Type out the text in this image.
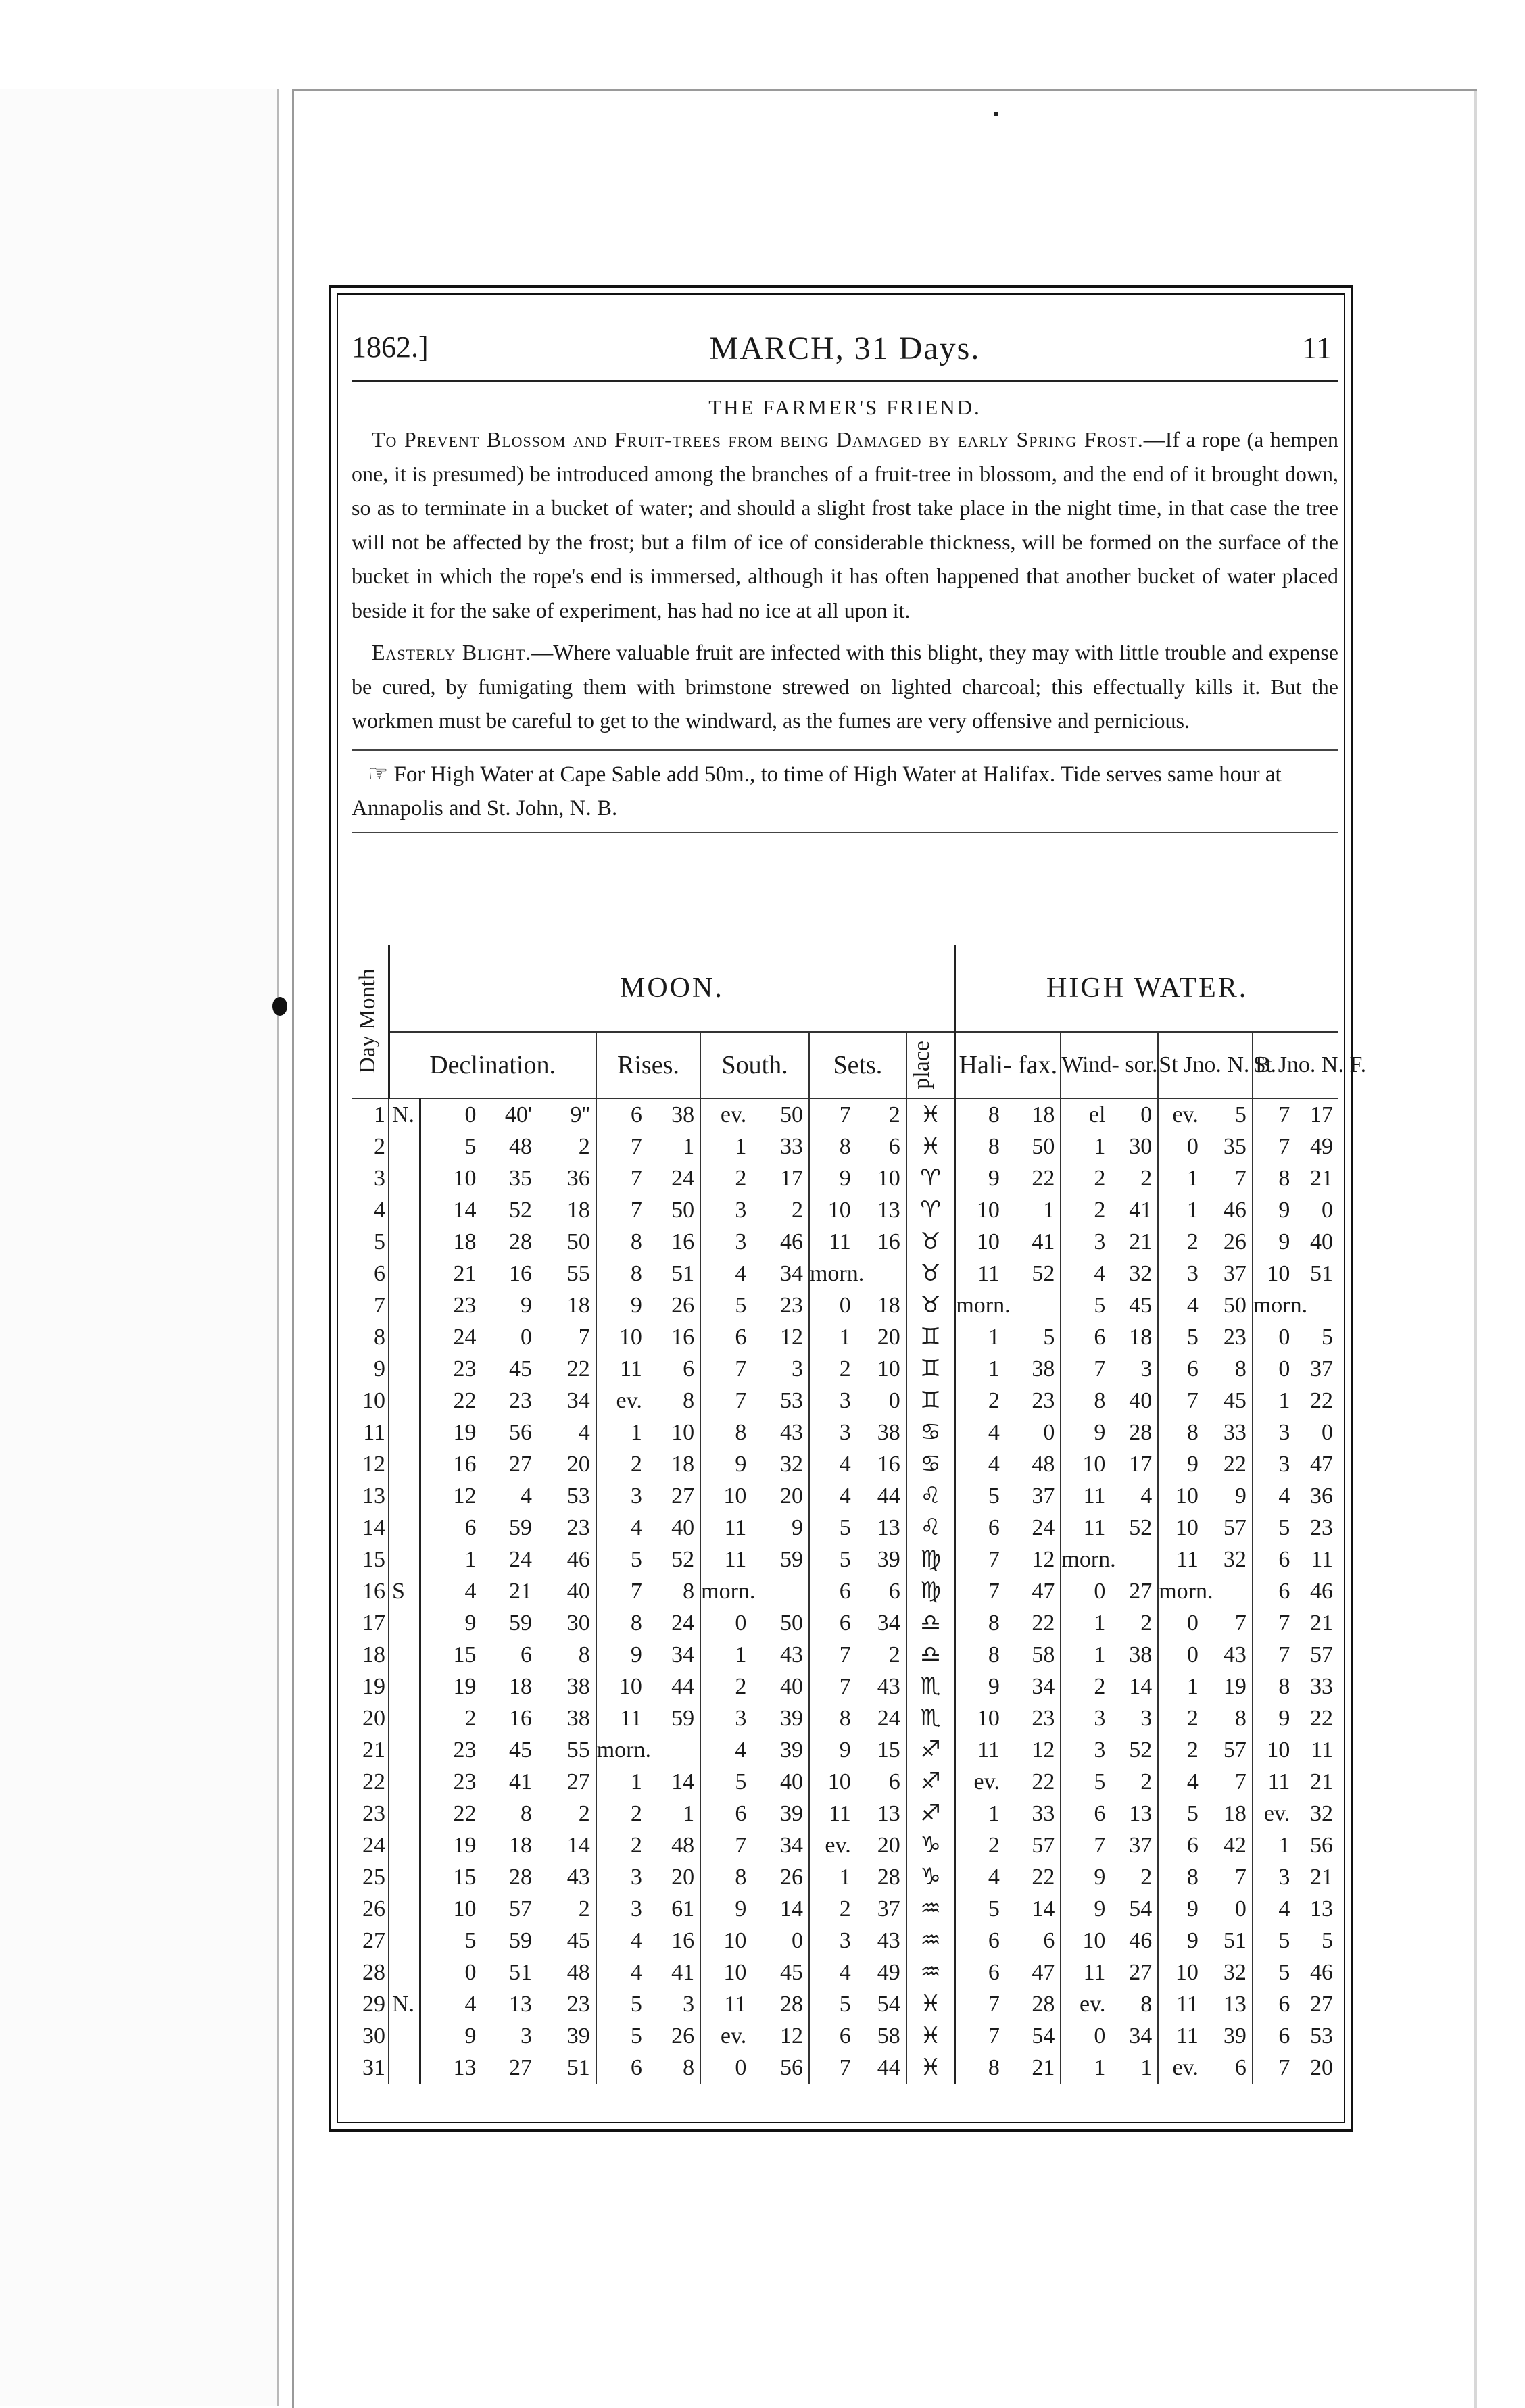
1862.]	MARCH, 31 Days.	11
THE FARMER'S FRIEND.

To Prevent Blossom and Fruit-trees from being Damaged by early Spring Frost.—If a rope (a hempen one, it is presumed) be introduced among the branches of a fruit-tree in blossom, and the end of it brought down, so as to terminate in a bucket of water; and should a slight frost take place in the night time, in that case the tree will not be affected by the frost; but a film of ice of considerable thickness, will be formed on the surface of the bucket in which the rope's end is immersed, although it has often happened that another bucket of water placed beside it for the sake of experiment, has had no ice at all upon it.

Easterly Blight.—Where valuable fruit are infected with this blight, they may with little trouble and expense be cured, by fumigating them with brimstone strewed on lighted charcoal; this effectually kills it. But the workmen must be careful to get to the windward, as the fumes are very offensive and pernicious.

☞ For High Water at Cape Sable add 50m., to time of High Water at Halifax. Tide serves same hour at Annapolis and St. John, N. B.

Day Month	MOON.											HIGH WATER.							
	Declination.				Rises.		South.		Sets.		place	Hali- fax.		Wind- sor.		St Jno. N. B.		St Jno. N. F.	
1	N.	0	40'	9''	6	38	ev.	50	7	2	♓	8	18	el	0	ev.	5	7	17
2		5	48	2	7	1	1	33	8	6	♓	8	50	1	30	0	35	7	49
3		10	35	36	7	24	2	17	9	10	♈	9	22	2	2	1	7	8	21
4		14	52	18	7	50	3	2	10	13	♈	10	1	2	41	1	46	9	0
5		18	28	50	8	16	3	46	11	16	♉	10	41	3	21	2	26	9	40
6		21	16	55	8	51	4	34	morn.		♉	11	52	4	32	3	37	10	51
7		23	9	18	9	26	5	23	0	18	♉	morn.		5	45	4	50	morn.	
8		24	0	7	10	16	6	12	1	20	♊	1	5	6	18	5	23	0	5
9		23	45	22	11	6	7	3	2	10	♊	1	38	7	3	6	8	0	37
10		22	23	34	ev.	8	7	53	3	0	♊	2	23	8	40	7	45	1	22
11		19	56	4	1	10	8	43	3	38	♋	4	0	9	28	8	33	3	0
12		16	27	20	2	18	9	32	4	16	♋	4	48	10	17	9	22	3	47
13		12	4	53	3	27	10	20	4	44	♌	5	37	11	4	10	9	4	36
14		6	59	23	4	40	11	9	5	13	♌	6	24	11	52	10	57	5	23
15		1	24	46	5	52	11	59	5	39	♍	7	12	morn.		11	32	6	11
16	S	4	21	40	7	8	morn.		6	6	♍	7	47	0	27	morn.		6	46
17		9	59	30	8	24	0	50	6	34	♎	8	22	1	2	0	7	7	21
18		15	6	8	9	34	1	43	7	2	♎	8	58	1	38	0	43	7	57
19		19	18	38	10	44	2	40	7	43	♏	9	34	2	14	1	19	8	33
20		2	16	38	11	59	3	39	8	24	♏	10	23	3	3	2	8	9	22
21		23	45	55	morn.		4	39	9	15	♐	11	12	3	52	2	57	10	11
22		23	41	27	1	14	5	40	10	6	♐	ev.	22	5	2	4	7	11	21
23		22	8	2	2	1	6	39	11	13	♐	1	33	6	13	5	18	ev.	32
24		19	18	14	2	48	7	34	ev.	20	♑	2	57	7	37	6	42	1	56
25		15	28	43	3	20	8	26	1	28	♑	4	22	9	2	8	7	3	21
26		10	57	2	3	61	9	14	2	37	♒	5	14	9	54	9	0	4	13
27		5	59	45	4	16	10	0	3	43	♒	6	6	10	46	9	51	5	5
28		0	51	48	4	41	10	45	4	49	♒	6	47	11	27	10	32	5	46
29	N.	4	13	23	5	3	11	28	5	54	♓	7	28	ev.	8	11	13	6	27
30		9	3	39	5	26	ev.	12	6	58	♓	7	54	0	34	11	39	6	53
31		13	27	51	6	8	0	56	7	44	♓	8	21	1	1	ev.	6	7	20
